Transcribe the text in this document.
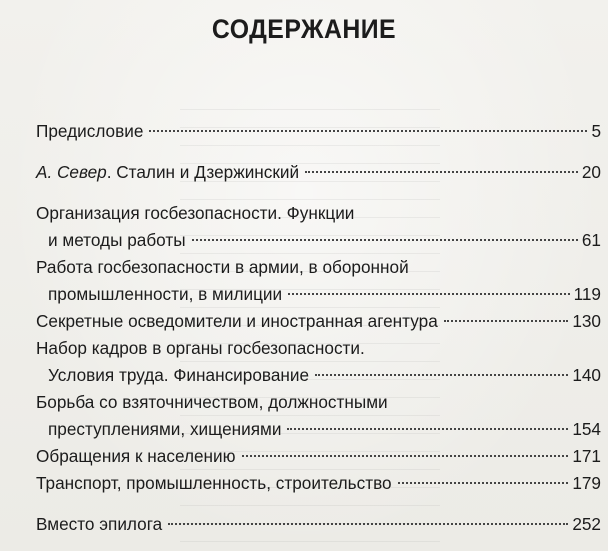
СОДЕРЖАНИЕ
Предисловие	5
А. Север. Сталин и Дзержинский	20
Организация госбезопасности. Функции
и методы работы	61
Работа госбезопасности в армии, в оборонной
промышленности, в милиции	119
Секретные осведомители и иностранная агентура	130
Набор кадров в органы госбезопасности.
Условия труда. Финансирование	140
Борьба со взяточничеством, должностными
преступлениями, хищениями	154
Обращения к населению	171
Транспорт, промышленность, строительство	179
Вместо эпилога	252
